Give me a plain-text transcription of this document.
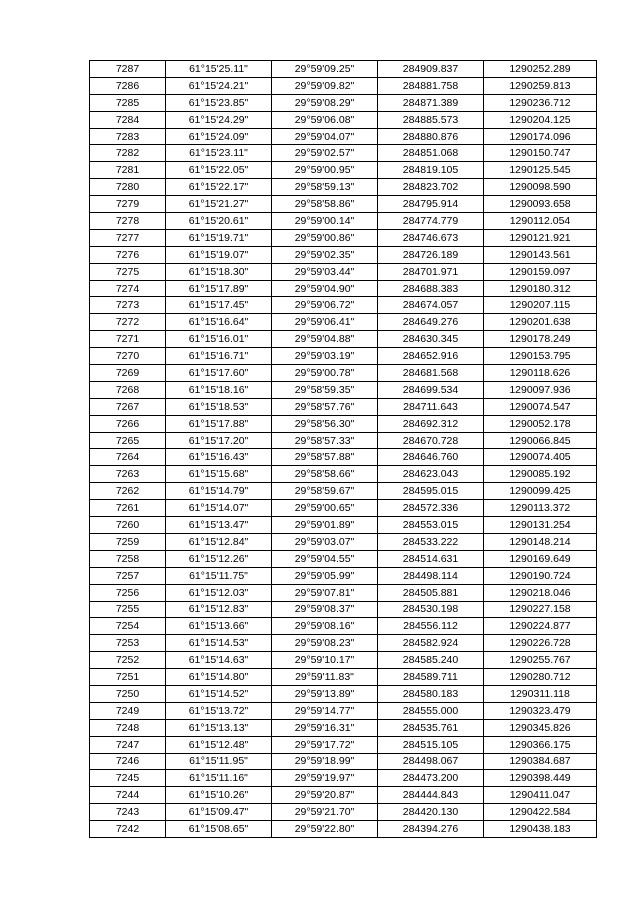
7287	61°15'25.11"	29°59'09.25"	284909.837	1290252.289
7286	61°15'24.21"	29°59'09.82"	284881.758	1290259.813
7285	61°15'23.85"	29°59'08.29"	284871.389	1290236.712
7284	61°15'24.29"	29°59'06.08"	284885.573	1290204.125
7283	61°15'24.09"	29°59'04.07"	284880.876	1290174.096
7282	61°15'23.11"	29°59'02.57"	284851.068	1290150.747
7281	61°15'22.05"	29°59'00.95"	284819.105	1290125.545
7280	61°15'22.17"	29°58'59.13"	284823.702	1290098.590
7279	61°15'21.27"	29°58'58.86"	284795.914	1290093.658
7278	61°15'20.61"	29°59'00.14"	284774.779	1290112.054
7277	61°15'19.71"	29°59'00.86"	284746.673	1290121.921
7276	61°15'19.07"	29°59'02.35"	284726.189	1290143.561
7275	61°15'18.30"	29°59'03.44"	284701.971	1290159.097
7274	61°15'17.89"	29°59'04.90"	284688.383	1290180.312
7273	61°15'17.45"	29°59'06.72"	284674.057	1290207.115
7272	61°15'16.64"	29°59'06.41"	284649.276	1290201.638
7271	61°15'16.01"	29°59'04.88"	284630.345	1290178.249
7270	61°15'16.71"	29°59'03.19"	284652.916	1290153.795
7269	61°15'17.60"	29°59'00.78"	284681.568	1290118.626
7268	61°15'18.16"	29°58'59.35"	284699.534	1290097.936
7267	61°15'18.53"	29°58'57.76"	284711.643	1290074.547
7266	61°15'17.88"	29°58'56.30"	284692.312	1290052.178
7265	61°15'17.20"	29°58'57.33"	284670.728	1290066.845
7264	61°15'16.43"	29°58'57.88"	284646.760	1290074.405
7263	61°15'15.68"	29°58'58.66"	284623.043	1290085.192
7262	61°15'14.79"	29°58'59.67"	284595.015	1290099.425
7261	61°15'14.07"	29°59'00.65"	284572.336	1290113.372
7260	61°15'13.47"	29°59'01.89"	284553.015	1290131.254
7259	61°15'12.84"	29°59'03.07"	284533.222	1290148.214
7258	61°15'12.26"	29°59'04.55"	284514.631	1290169.649
7257	61°15'11.75"	29°59'05.99"	284498.114	1290190.724
7256	61°15'12.03"	29°59'07.81"	284505.881	1290218.046
7255	61°15'12.83"	29°59'08.37"	284530.198	1290227.158
7254	61°15'13.66"	29°59'08.16"	284556.112	1290224.877
7253	61°15'14.53"	29°59'08.23"	284582.924	1290226.728
7252	61°15'14.63"	29°59'10.17"	284585.240	1290255.767
7251	61°15'14.80"	29°59'11.83"	284589.711	1290280.712
7250	61°15'14.52"	29°59'13.89"	284580.183	1290311.118
7249	61°15'13.72"	29°59'14.77"	284555.000	1290323.479
7248	61°15'13.13"	29°59'16.31"	284535.761	1290345.826
7247	61°15'12.48"	29°59'17.72"	284515.105	1290366.175
7246	61°15'11.95"	29°59'18.99"	284498.067	1290384.687
7245	61°15'11.16"	29°59'19.97"	284473.200	1290398.449
7244	61°15'10.26"	29°59'20.87"	284444.843	1290411.047
7243	61°15'09.47"	29°59'21.70"	284420.130	1290422.584
7242	61°15'08.65"	29°59'22.80"	284394.276	1290438.183
